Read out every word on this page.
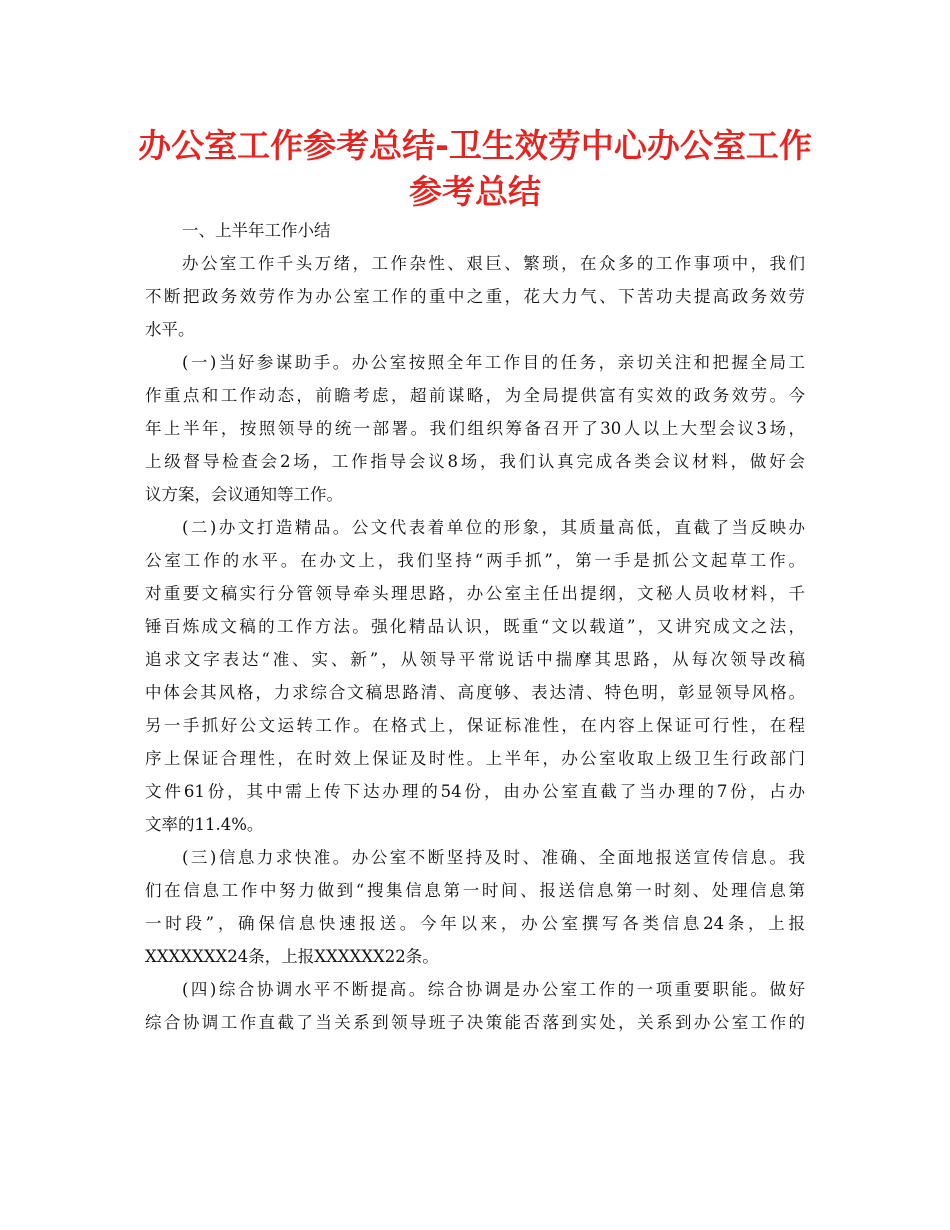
办公室工作参考总结-卫生效劳中心办公室工作
参考总结

一、上半年工作小结

办公室工作千头万绪，工作杂性、艰巨、繁琐，在众多的工作事项中，我们
不断把政务效劳作为办公室工作的重中之重，花大力气、下苦功夫提高政务效劳
水平。

(一)当好参谋助手。办公室按照全年工作目的任务，亲切关注和把握全局工
作重点和工作动态，前瞻考虑，超前谋略，为全局提供富有实效的政务效劳。今
年上半年，按照领导的统一部署。我们组织筹备召开了30人以上大型会议3场，
上级督导检查会2场，工作指导会议8场，我们认真完成各类会议材料，做好会
议方案，会议通知等工作。

(二)办文打造精品。公文代表着单位的形象，其质量高低，直截了当反映办
公室工作的水平。在办文上，我们坚持“两手抓”，第一手是抓公文起草工作。
对重要文稿实行分管领导牵头理思路，办公室主任出提纲，文秘人员收材料，千
锤百炼成文稿的工作方法。强化精品认识，既重“文以载道”，又讲究成文之法，
追求文字表达“准、实、新”，从领导平常说话中揣摩其思路，从每次领导改稿
中体会其风格，力求综合文稿思路清、高度够、表达清、特色明，彰显领导风格。
另一手抓好公文运转工作。在格式上，保证标准性，在内容上保证可行性，在程
序上保证合理性，在时效上保证及时性。上半年，办公室收取上级卫生行政部门
文件61份，其中需上传下达办理的54份，由办公室直截了当办理的7份，占办
文率的11.4%。

(三)信息力求快准。办公室不断坚持及时、准确、全面地报送宣传信息。我
们在信息工作中努力做到“搜集信息第一时间、报送信息第一时刻、处理信息第
一时段”，确保信息快速报送。今年以来，办公室撰写各类信息24条，上报
XXXXXXX24条，上报XXXXXX22条。

(四)综合协调水平不断提高。综合协调是办公室工作的一项重要职能。做好
综合协调工作直截了当关系到领导班子决策能否落到实处，关系到办公室工作的
